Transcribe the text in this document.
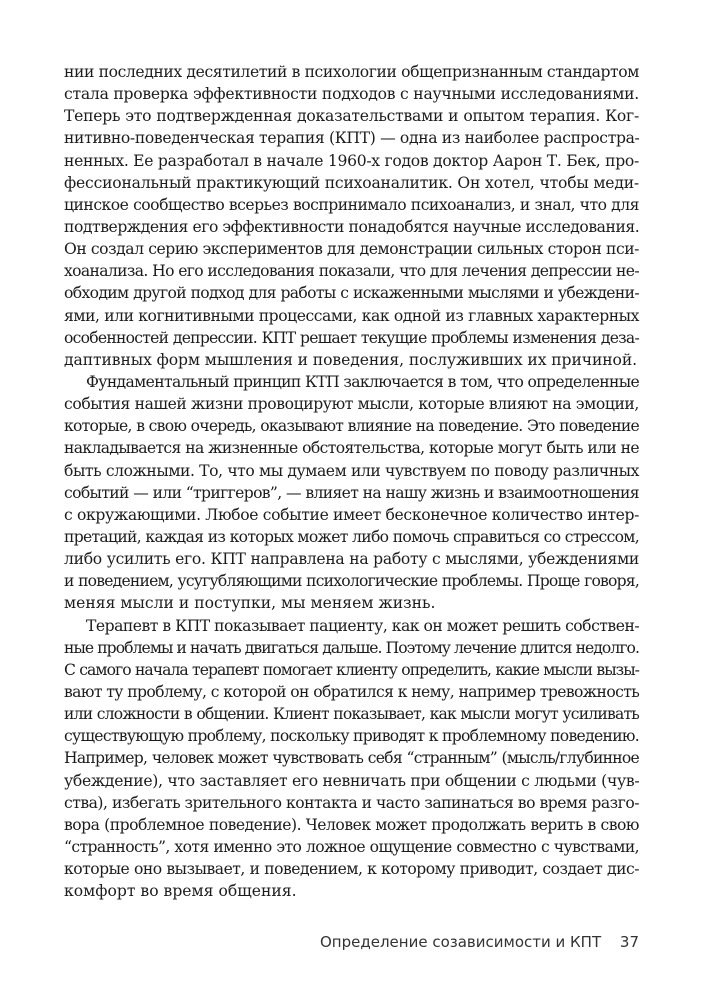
нии последних десятилетий в психологии общепризнанным стандартом
стала проверка эффективности подходов с научными исследованиями.
Теперь это подтвержденная доказательствами и опытом терапия. Ког-
нитивно-поведенческая терапия (КПТ) — одна из наиболее распростра-
ненных. Ее разработал в начале 1960-х годов доктор Аарон Т. Бек, про-
фессиональный практикующий психоаналитик. Он хотел, чтобы меди-
цинское сообщество всерьез воспринимало психоанализ, и знал, что для
подтверждения его эффективности понадобятся научные исследования.
Он создал серию экспериментов для демонстрации сильных сторон пси-
хоанализа. Но его исследования показали, что для лечения депрессии не-
обходим другой подход для работы с искаженными мыслями и убеждени-
ями, или когнитивными процессами, как одной из главных характерных
особенностей депрессии. КПТ решает текущие проблемы изменения деза-
даптивных форм мышления и поведения, послуживших их причиной.
Фундаментальный принцип КТП заключается в том, что определенные
события нашей жизни провоцируют мысли, которые влияют на эмоции,
которые, в свою очередь, оказывают влияние на поведение. Это поведение
накладывается на жизненные обстоятельства, которые могут быть или не
быть сложными. То, что мы думаем или чувствуем по поводу различных
событий — или “триггеров”, — влияет на нашу жизнь и взаимоотношения
с окружающими. Любое событие имеет бесконечное количество интер-
претаций, каждая из которых может либо помочь справиться со стрессом,
либо усилить его. КПТ направлена на работу с мыслями, убеждениями
и поведением, усугубляющими психологические проблемы. Проще говоря,
меняя мысли и поступки, мы меняем жизнь.
Терапевт в КПТ показывает пациенту, как он может решить собствен-
ные проблемы и начать двигаться дальше. Поэтому лечение длится недолго.
С самого начала терапевт помогает клиенту определить, какие мысли вызы-
вают ту проблему, с которой он обратился к нему, например тревожность
или сложности в общении. Клиент показывает, как мысли могут усиливать
существующую проблему, поскольку приводят к проблемному поведению.
Например, человек может чувствовать себя “странным” (мысль/глубинное
убеждение), что заставляет его невничать при общении с людьми (чув-
ства), избегать зрительного контакта и часто запинаться во время разго-
вора (проблемное поведение). Человек может продолжать верить в свою
“странность”, хотя именно это ложное ощущение совместно с чувствами,
которые оно вызывает, и поведением, к которому приводит, создает дис-
комфорт во время общения.
Определение созависимости и КПТ 37
